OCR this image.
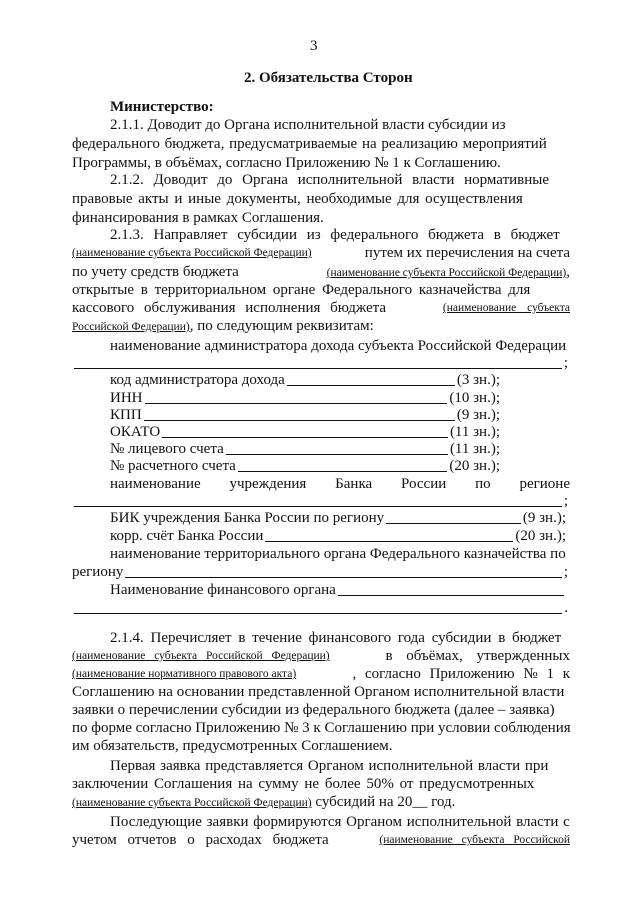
3
2. Обязательства Сторон
Министерство:
2.1.1. Доводит до Органа исполнительной власти субсидии из
федерального бюджета, предусматриваемые на реализацию мероприятий
Программы, в объёмах, согласно Приложению № 1 к Соглашению.
2.1.2. Доводит до Органа исполнительной власти нормативные
правовые акты и иные документы, необходимые для осуществления
финансирования в рамках Соглашения.
2.1.3. Направляет субсидии из федерального бюджета в бюджет
(наименование субъекта Российской Федерации)	путем их перечисления на счета
по учету средств бюджета	(наименование субъекта Российской Федерации),
открытые в территориальном органе Федерального казначейства для
кассового обслуживания исполнения бюджета	(наименование субъекта
Российской Федерации), по следующим реквизитам:
наименование администратора дохода субъекта Российской Федерации
;
код администратора дохода	(3 зн.);
ИНН	(10 зн.);
КПП	(9 зн.);
ОКАТО	(11 зн.);
№ лицевого счета	(11 зн.);
№ расчетного счета	(20 зн.);
наименование учреждения Банка России по регионе
;
БИК учреждения Банка России по региону	(9 зн.);
корр. счёт Банка России	(20 зн.);
наименование территориального органа Федерального казначейства по
региону	;
Наименование финансового органа
.
2.1.4. Перечисляет в течение финансового года субсидии в бюджет
(наименование субъекта Российской Федерации)	в объёмах, утвержденных
(наименование нормативного правового акта)	, согласно Приложению № 1 к
Соглашению на основании представленной Органом исполнительной власти
заявки о перечислении субсидии из федерального бюджета (далее – заявка)
по форме согласно Приложению № 3 к Соглашению при условии соблюдения
им обязательств, предусмотренных Соглашением.
Первая заявка представляется Органом исполнительной власти при
заключении Соглашения на сумму не более 50% от предусмотренных
(наименование субъекта Российской Федерации) субсидий на 20__ год.
Последующие заявки формируются Органом исполнительной власти с
учетом отчетов о расходах бюджета	(наименование субъекта Российской
